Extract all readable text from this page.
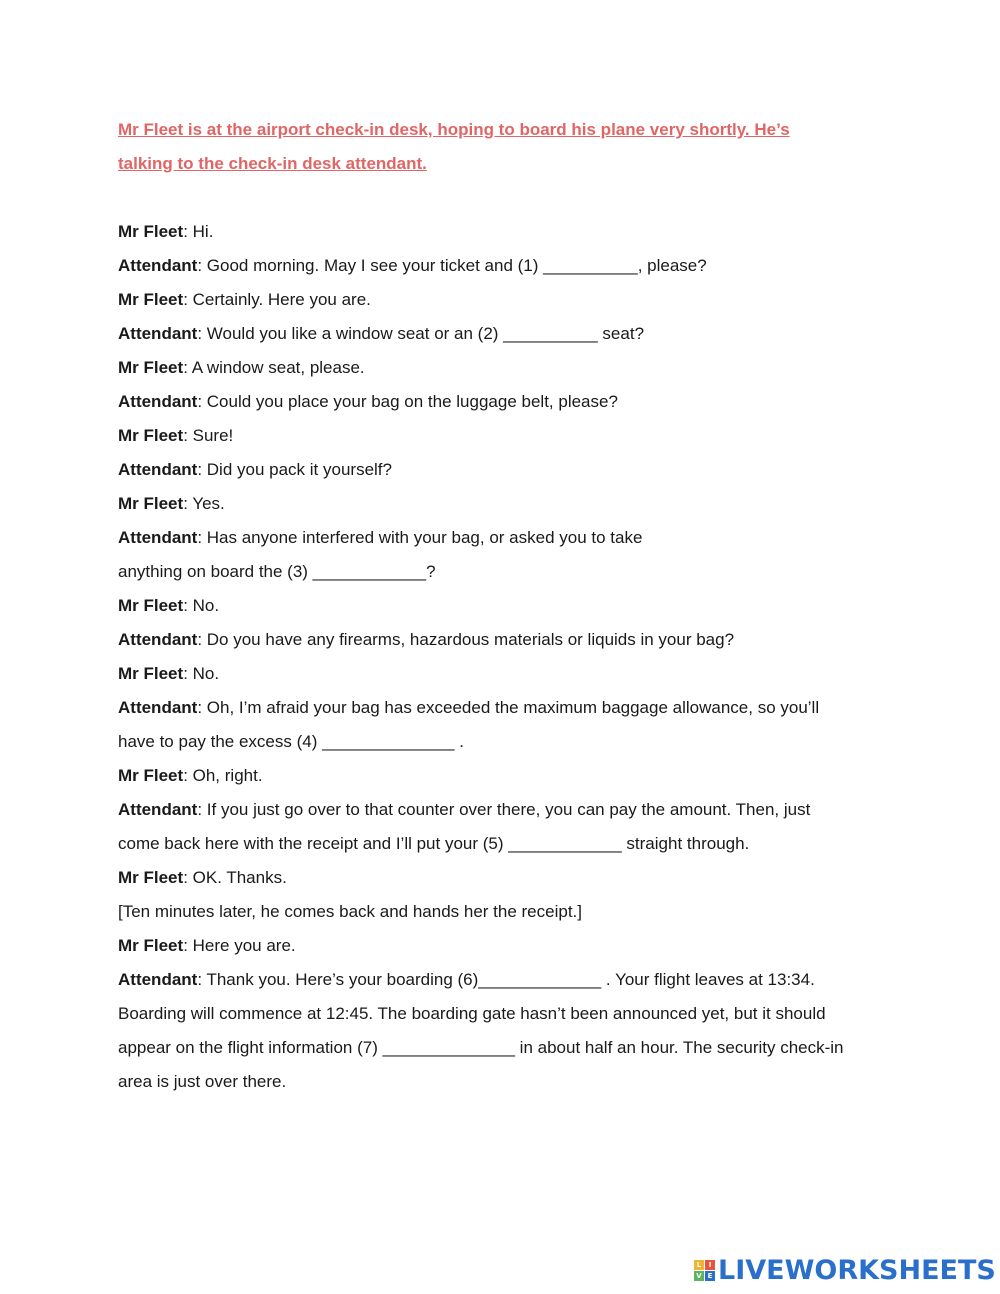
Mr Fleet is at the airport check-in desk, hoping to board his plane very shortly. He’s talking to the check-in desk attendant.

Mr Fleet: Hi.

Attendant: Good morning. May I see your ticket and (1) __________, please?

Mr Fleet: Certainly. Here you are.

Attendant: Would you like a window seat or an (2) __________ seat?

Mr Fleet: A window seat, please.

Attendant: Could you place your bag on the luggage belt, please?

Mr Fleet: Sure!

Attendant: Did you pack it yourself?

Mr Fleet: Yes.

Attendant: Has anyone interfered with your bag, or asked you to take

anything on board the (3) ____________?

Mr Fleet: No.

Attendant: Do you have any firearms, hazardous materials or liquids in your bag?

Mr Fleet: No.

Attendant: Oh, I’m afraid your bag has exceeded the maximum baggage allowance, so you’ll

have to pay the excess (4) ______________ .

Mr Fleet: Oh, right.

Attendant: If you just go over to that counter over there, you can pay the amount. Then, just

come back here with the receipt and I’ll put your (5) ____________ straight through.

Mr Fleet: OK. Thanks.

[Ten minutes later, he comes back and hands her the receipt.]

Mr Fleet: Here you are.

Attendant: Thank you. Here’s your boarding (6)_____________ . Your flight leaves at 13:34.

Boarding will commence at 12:45. The boarding gate hasn’t been announced yet, but it should

appear on the flight information (7) ______________ in about half an hour. The security check-in

area is just over there.

L	I
V E LIVEWORKSHEETS
